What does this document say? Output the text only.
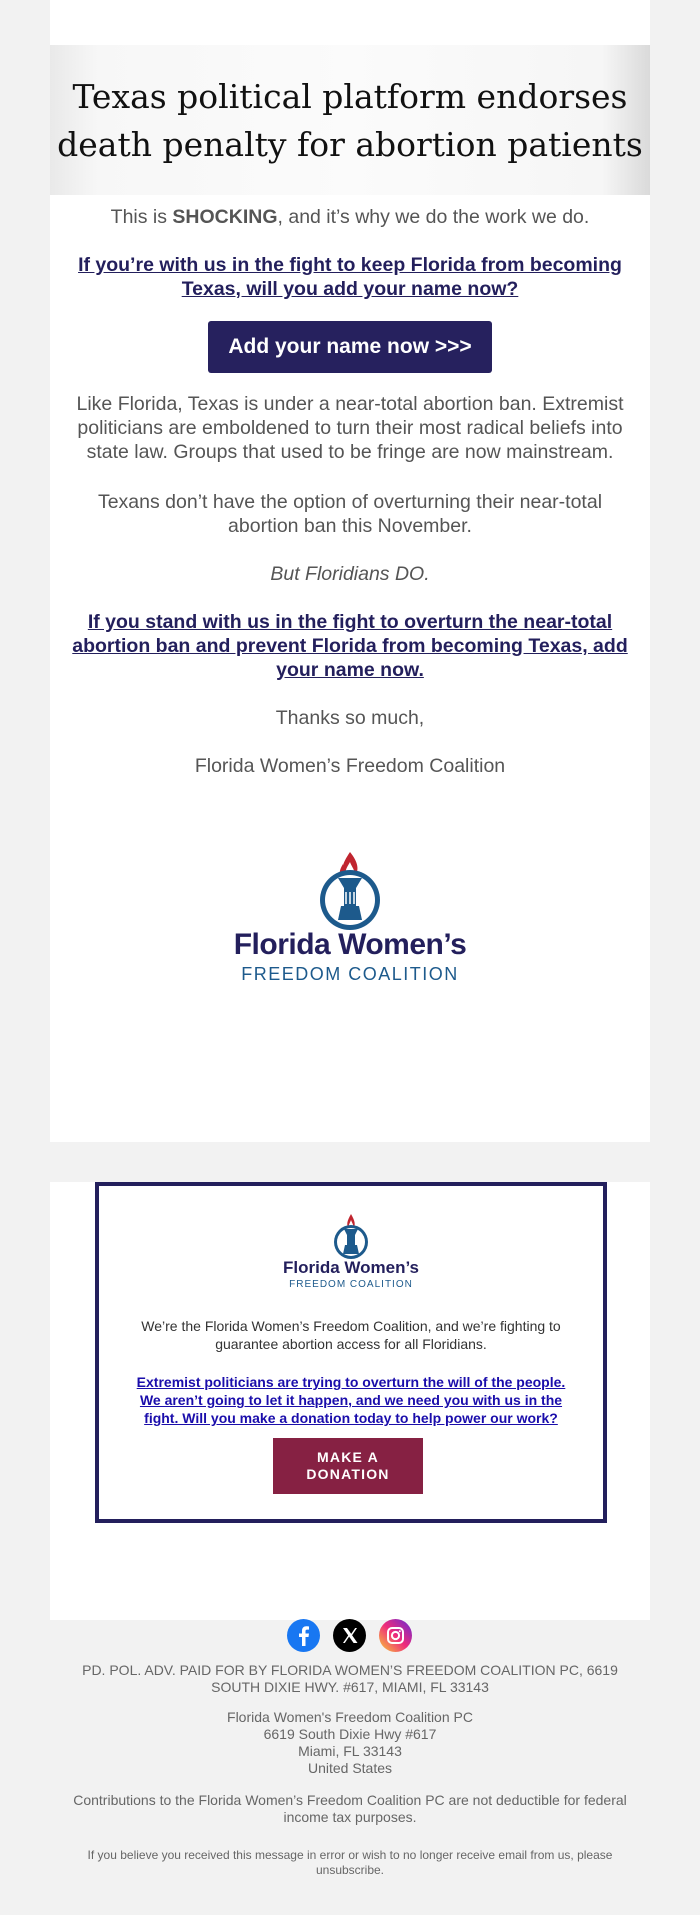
Texas political platform endorses
death penalty for abortion patients
This is SHOCKING, and it’s why we do the work we do.
If you’re with us in the fight to keep Florida from becoming Texas, will you add your name now?
Add your name now >>>
Like Florida, Texas is under a near-total abortion ban. Extremist politicians are emboldened to turn their most radical beliefs into state law. Groups that used to be fringe are now mainstream.
Texans don’t have the option of overturning their near-total abortion ban this November.
But Floridians DO.
If you stand with us in the fight to overturn the near-total abortion ban and prevent Florida from becoming Texas, add your name now.
Thanks so much,
Florida Women’s Freedom Coalition
Florida Women’s
FREEDOM COALITION
Florida Women’s
FREEDOM COALITION
We’re the Florida Women’s Freedom Coalition, and we’re fighting to guarantee abortion access for all Floridians.
Extremist politicians are trying to overturn the will of the people. We aren’t going to let it happen, and we need you with us in the fight. Will you make a donation today to help power our work?
MAKE A
DONATION
PD. POL. ADV. PAID FOR BY FLORIDA WOMEN’S FREEDOM COALITION PC, 6619 SOUTH DIXIE HWY. #617, MIAMI, FL 33143
Florida Women's Freedom Coalition PC
6619 South Dixie Hwy #617
Miami, FL 33143
United States
Contributions to the Florida Women’s Freedom Coalition PC are not deductible for federal income tax purposes.
If you believe you received this message in error or wish to no longer receive email from us, please unsubscribe.
